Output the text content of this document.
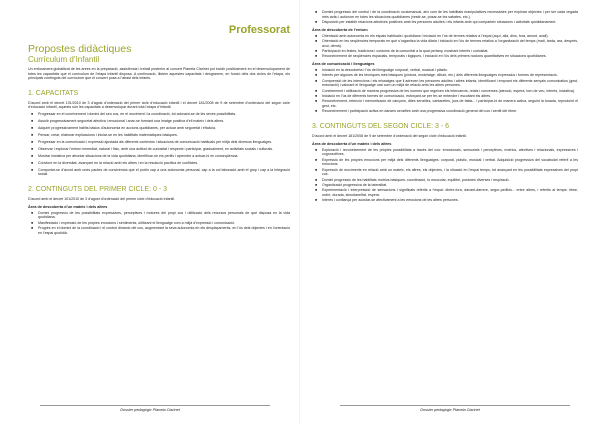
Professorat
Propostes didàctiques
Currículum d’Infantil

Un enfocament globalitzat de les àrees en la preparació, assistència i treball posterior al concert Planeta Clarinet pot incidir positivament en el desenvolupament de totes les capacitats que el currículum de l’etapa infantil disposa. A continuació, llistem aquestes capacitats i desgranem, en funció dels dos cicles de l’etapa, els principals continguts del currículum que el concert posa a l’abast dels infants.

1. CAPACITATS

D’acord amb el decret 101/2010 de 3 d’agost d’ordenació del primer cicle d’educació infantil i el decret 181/2008 de 9 de setembre d’ordenació del segon cicle d’educació infantil, aquests són les capacitats a desenvolupar durant tota l’etapa d’Infantil.

■ Progressar en el coneixement i domini del seu cos, en el moviment i la coordinació, tot adonant-se de les seves possibilitats.
■ Assolir progressivament seguretat afectiva i emocional i anar-se formant una imatge positiva d’ell mateix i dels altres.
■ Adquirir progressivament hàbits bàsics d’autonomia en accions quotidianes, per actuar amb seguretat i eficàcia.
■ Pensar, crear, elaborar explicacions i iniciar-se en les habilitats matemàtiques bàsiques.
■ Progressar en la comunicació i expressió ajustada als diferents contextos i situacions de comunicació habituals per mitjà dels diversos llenguatges.
■ Observar i explorar l’entorn immediat, natural i físic, amb una actitud de curiositat i respecte i participar, gradualment, en activitats socials i culturals.
■ Mostrar iniciativa per afrontar situacions de la vida quotidiana, identificar-ne els perills i aprendre a actuar-hi en conseqüència.
■ Conviure en la diversitat, avançant en la relació amb els altres i en la resolució pacífica de conflictes.
■ Comportar-se d’acord amb unes pautes de convivència que el portin cap a una autonomia personal, cap a la col·laboració amb el grup i cap a la integració social.
2. CONTINGUTS DEL PRIMER CICLE: 0 - 3

D’acord amb el decret 101/2010 de 3 d’agost d’ordenació del primer cicle d’educació infantil.

Àrea de descoberta d’un mateix i dels altres
■ Domini progressiu de les possibilitats expressives, perceptives i motores del propi cos i utilització dels recursos personals de què disposa en la vida quotidiana.
■ Manifestació i expressió de les pròpies emocions i sentiments, utilitzant el llenguatge com a mitjà d’expressió i comunicació.
■ Progrés en el domini de la coordinació i el control dinàmic del cos, augmentant la seva autonomia en els desplaçaments, en l’ús dels objectes i en l’orientació en l’espai quotidià.
Dossier pedagògic Planeta Clarinet
■ Domini progressiu del control i de la coordinació oculomanual, així com de les habilitats manipulatives necessàries per explorar objectes i per ser cada vegada més actiu i autònom en totes les situacions quotidianes (vestir-se, posar-se les sabates, etc.).
■ Disposició per establir relacions afectives positives amb les persones adultes i els infants amb qui comparteix situacions i activitats quotidianament.
Àrea de descoberta de l’entorn
■ Orientació amb autonomia en els espais habituals i quotidians i iniciació en l’ús de termes relatius a l’espai (aquí, allà, dins, fora, amunt, avall).
■ Orientació en les seqüències temporals en què s’organitza la vida diària i iniciació en l’ús de termes relatius a l’organització del temps (matí, tarda, ara, després, avui, demà).
■ Participació en festes, tradicions i costums de la comunitat a la qual pertany, mostrant interès i curiositat.
■ Reconeixement de seqüències espacials, temporals i lògiques, i iniciació en l’ús dels primers nocions quantitatives en situacions quotidianes.
Àrea de comunicació i llenguatges
■ Iniciació en la descoberta i l’ús del llenguatge corporal, verbal, musical i plàstic.
■ Interès per algunes de les tècniques més bàsiques (pintura, modelatge, dibuix, etc.) dels diferents llenguatges expressius i formes de representació.
■ Comprensió de les intencions i els missatges que li adrecen les persones adultes i altres infants, identificant i emprant els diferents senyals comunicatius (gest, entonació) i valorant el llenguatge oral com un mitjà de relació amb les altres persones.
■ Coneixement i utilització de manera progressiva de les normes que regeixen els intercanvis, relats i converses (atenció, espera, torn de veu, interès, iniciativa).
■ Iniciació en l’ús de diferents formes de comunicació, esforçant-se per fer-se entendre i escoltant els altres.
■ Reconeixement, retenció i memorització de cançons, dites senzilles, cantarelles, jocs de falda... i participar-hi de manera activa, seguint la tonada, reproduint el gest, etc.
■ Reconeixement i participació activa en danses senzilles amb una progressiva coordinació general del cos i sentit del ritme.
3. CONTINGUTS DEL SEGON CICLE: 3 - 6

D’acord amb el decret 181/2008 de 9 de setembre d’ordenació del segon cicle d’educació infantil.

Àrea de descoberta d’un mateix i dels altres
■ Exploració i reconeixement de les pròpies possibilitats a través del cos: emocionals, sensorials i perceptives, motrius, afectives i relacionals, expressives i cognoscitives.
■ Expressió de les pròpies emocions per mitjà dels diferents llenguatges: corporal, plàstic, musical i verbal. Adquisició progressiva del vocabulari referit a les emocions.
■ Expressió de moviments en relació amb un mateix, els altres, els objectes, i la situació en l’espai temps, tot avançant en les possibilitats expressives del propi cos.
■ Domini progressiu de les habilitats motrius bàsiques: coordinació, to muscular, equilibri, postures diverses i respiració.
■ Organització progressiva de la lateralitat.
■ Experimentació i interpretació de sensacions i significats referits a l’espai: dintre-fora, davant-darrere, segur-perillós... entre altres, i referits al temps: ritme, ordre, durada, simultaneïtat, espera.
■ Interès i confiança per acostar-se afectivament a les emocions de les altres persones.
Dossier pedagògic Planeta Clarinet
